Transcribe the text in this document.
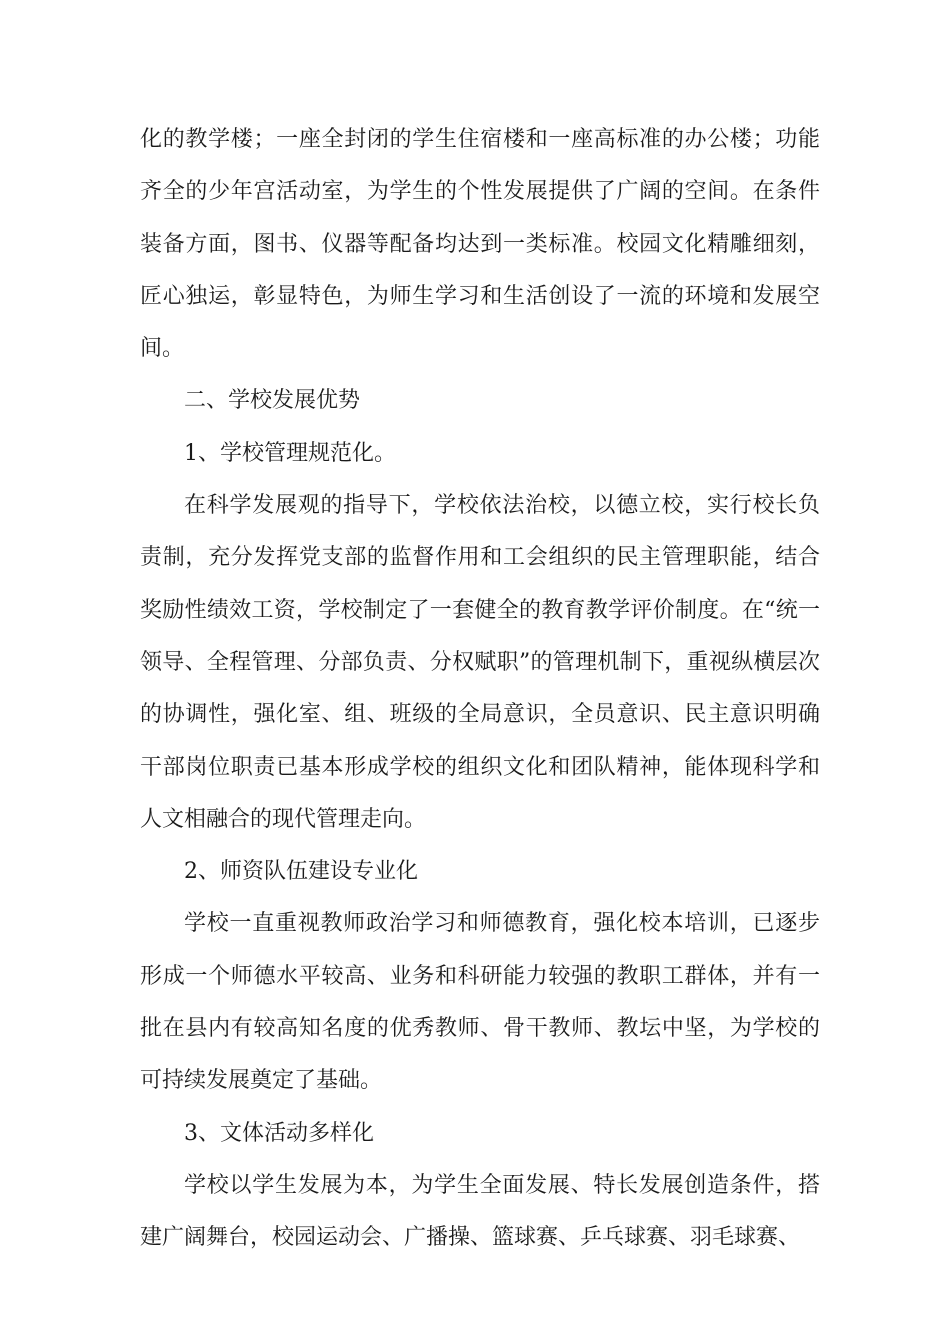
化的教学楼；一座全封闭的学生住宿楼和一座高标准的办公楼；功能齐全的少年宫活动室，为学生的个性发展提供了广阔的空间。在条件装备方面，图书、仪器等配备均达到一类标准。校园文化精雕细刻，匠心独运，彰显特色，为师生学习和生活创设了一流的环境和发展空间。

二、学校发展优势

1、学校管理规范化。

在科学发展观的指导下，学校依法治校，以德立校，实行校长负责制，充分发挥党支部的监督作用和工会组织的民主管理职能，结合奖励性绩效工资，学校制定了一套健全的教育教学评价制度。在“统一领导、全程管理、分部负责、分权赋职”的管理机制下，重视纵横层次的协调性，强化室、组、班级的全局意识，全员意识、民主意识明确干部岗位职责已基本形成学校的组织文化和团队精神，能体现科学和人文相融合的现代管理走向。

2、师资队伍建设专业化

学校一直重视教师政治学习和师德教育，强化校本培训，已逐步形成一个师德水平较高、业务和科研能力较强的教职工群体，并有一批在县内有较高知名度的优秀教师、骨干教师、教坛中坚，为学校的可持续发展奠定了基础。

3、文体活动多样化

学校以学生发展为本，为学生全面发展、特长发展创造条件，搭建广阔舞台，校园运动会、广播操、篮球赛、乒乓球赛、羽毛球赛、
